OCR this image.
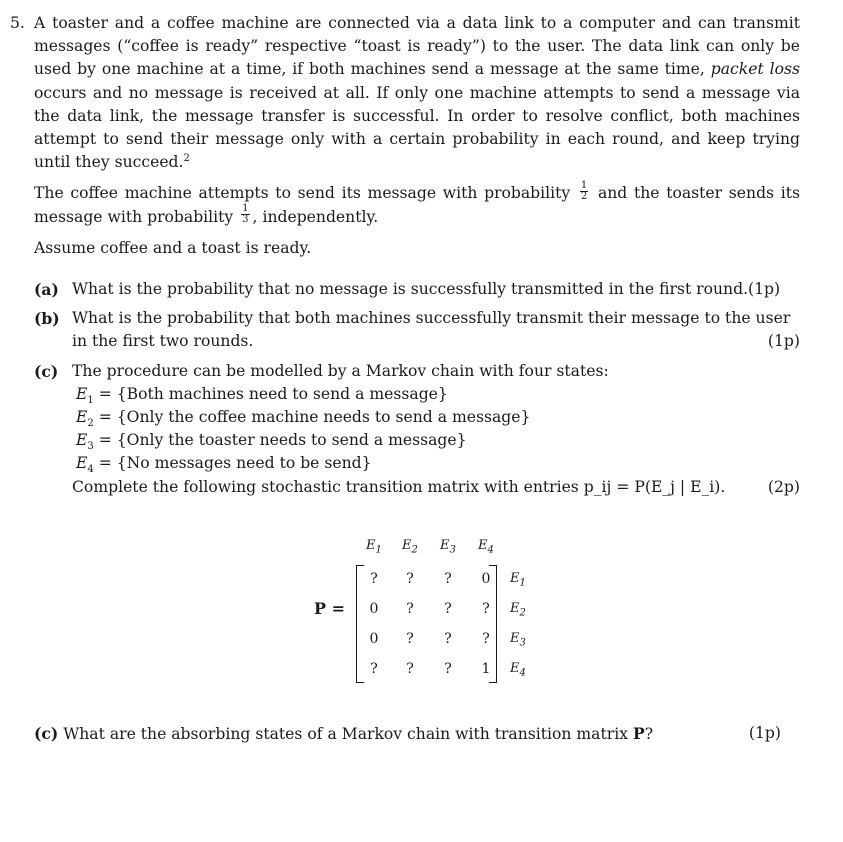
5. A toaster and a coffee machine are connected via a data link to a computer and can transmit messages (“coffee is ready” respective “toast is ready”) to the user. The data link can only be used by one machine at a time, if both machines send a message at the same time, packet loss occurs and no message is received at all. If only one machine attempts to send a message via the data link, the message transfer is successful. In order to resolve conflict, both machines attempt to send their message only with a certain probability in each round, and keep trying until they succeed.$^2$

The coffee machine attempts to send its message with probability $\frac{1}{2}$ and the toaster sends its message with probability $\frac{1}{3}$ , independently.

Assume coffee and a toast is ready.

(a) What is the probability that no message is successfully transmitted in the first round.(1p)
(b) What is the probability that both machines successfully transmit their message to the user in the first two rounds.	(1p)
(c) The procedure can be modelled by a Markov chain with four states:
$E_1$ = {Both machines need to send a message}
$E_2$ = {Only the coffee machine needs to send a message}
$E_3$ = {Only the toaster needs to send a message}
$E_4 = \{No$ messages need to be send}
Complete the following stochastic transition matrix with entries p_ij = P(E_j | E_i).	(2p)
P =
$E_1$ $E_2$ $E_3$ $E_4$
?	?	?	0
0	?	?	?
0	?	?	?
?	?	?	1
$E_1$
$E_2$
$E_3$
$E_4$
(c) What are the absorbing states of a Markov chain with transition matrix P?	(1p)
